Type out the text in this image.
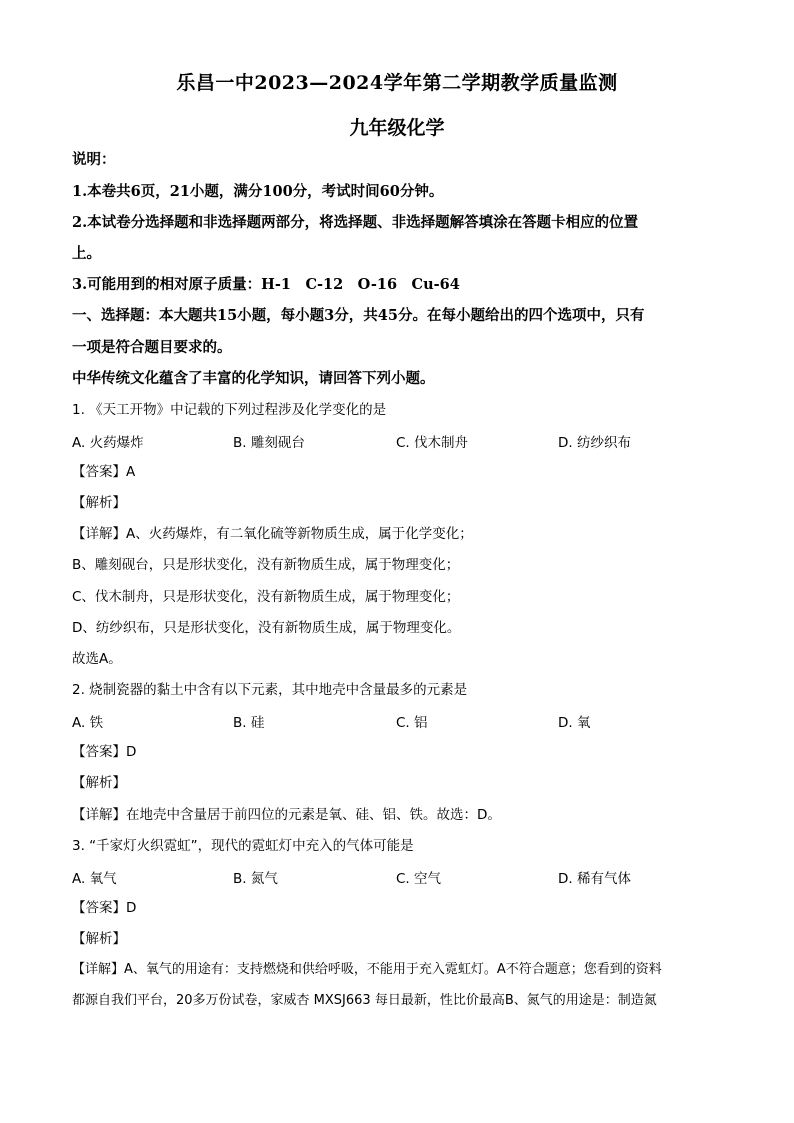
乐昌一中2023—2024学年第二学期教学质量监测
九年级化学
说明：
1.本卷共6页，21小题，满分100分，考试时间60分钟。
2.本试卷分选择题和非选择题两部分，将选择题、非选择题解答填涂在答题卡相应的位置
上。
3.可能用到的相对原子质量：H-1　C-12　O-16　Cu-64
一、选择题：本大题共15小题，每小题3分，共45分。在每小题给出的四个选项中，只有
一项是符合题目要求的。
中华传统文化蕴含了丰富的化学知识，请回答下列小题。
1. 《天工开物》中记载的下列过程涉及化学变化的是
A. 火药爆炸	B. 雕刻砚台	C. 伐木制舟	D. 纺纱织布
【答案】A
【解析】
【详解】A、火药爆炸，有二氧化硫等新物质生成，属于化学变化；
B、雕刻砚台，只是形状变化，没有新物质生成，属于物理变化；
C、伐木制舟，只是形状变化，没有新物质生成，属于物理变化；
D、纺纱织布，只是形状变化，没有新物质生成，属于物理变化。
故选A。
2. 烧制瓷器的黏土中含有以下元素，其中地壳中含量最多的元素是
A. 铁	B. 硅	C. 铝	D. 氧
【答案】D
【解析】
【详解】在地壳中含量居于前四位的元素是氧、硅、铝、铁。故选：D。
3. “千家灯火织霓虹”，现代的霓虹灯中充入的气体可能是
A. 氧气	B. 氮气	C. 空气	D. 稀有气体
【答案】D
【解析】
【详解】A、氧气的用途有：支持燃烧和供给呼吸，不能用于充入霓虹灯。A不符合题意；您看到的资料
都源自我们平台，20多万份试卷，家威杏 MXSJ663 每日最新，性比价最高B、氮气的用途是：制造氮
